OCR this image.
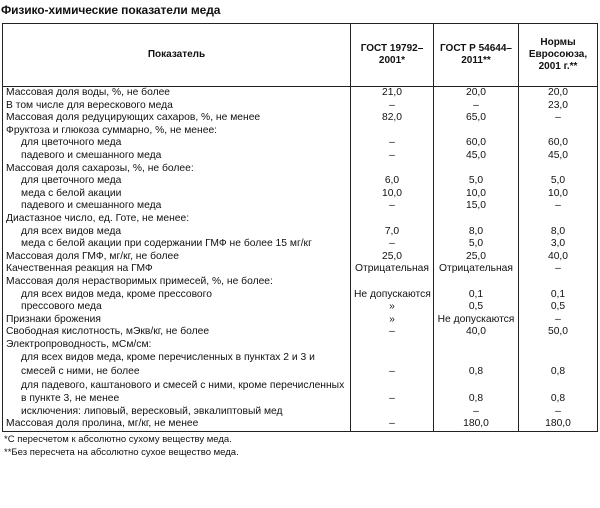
Физико-химические показатели меда
Показатель	ГОСТ 19792–2001*	ГОСТ Р 54644–2011**	Нормы Евросоюза, 2001 г.**
Массовая доля воды, %, не более	21,0	20,0	20,0
В том числе для верескового меда	–	–	23,0
Массовая доля редуцирующих сахаров, %, не менее	82,0	65,0	–
Фруктоза и глюкоза суммарно, %, не менее:			
для цветочного меда	–	60,0	60,0
падевого и смешанного меда	–	45,0	45,0
Массовая доля сахарозы, %, не более:			
для цветочного меда	6,0	5,0	5,0
меда с белой акации	10,0	10,0	10,0
падевого и смешанного меда	–	15,0	–
Диастазное число, ед. Готе, не менее:			
для всех видов меда	7,0	8,0	8,0
меда с белой акации при содержании ГМФ не более 15 мг/кг	–	5,0	3,0
Массовая доля ГМФ, мг/кг, не более	25,0	25,0	40,0
Качественная реакция на ГМФ	Отрицательная	Отрицательная	–
Массовая доля нерастворимых примесей, %, не более:			
для всех видов меда, кроме прессового	Не допускаются	0,1	0,1
прессового меда	»	0,5	0,5
Признаки брожения	»	Не допускаются	–
Свободная кислотность, мЭкв/кг, не более	–	40,0	50,0
Электропроводность, мСм/см:			
для всех видов меда, кроме перечисленных в пунктах 2 и 3 и смесей с ними, не более	–	0,8	0,8
для падевого, каштанового и смесей с ними, кроме перечисленных в пункте 3, не менее	–	0,8	0,8
исключения: липовый, вересковый, эвкалиптовый мед		–	–
Массовая доля пролина, мг/кг, не менее	–	180,0	180,0
*С пересчетом к абсолютно сухому веществу меда.
**Без пересчета на абсолютно сухое вещество меда.
